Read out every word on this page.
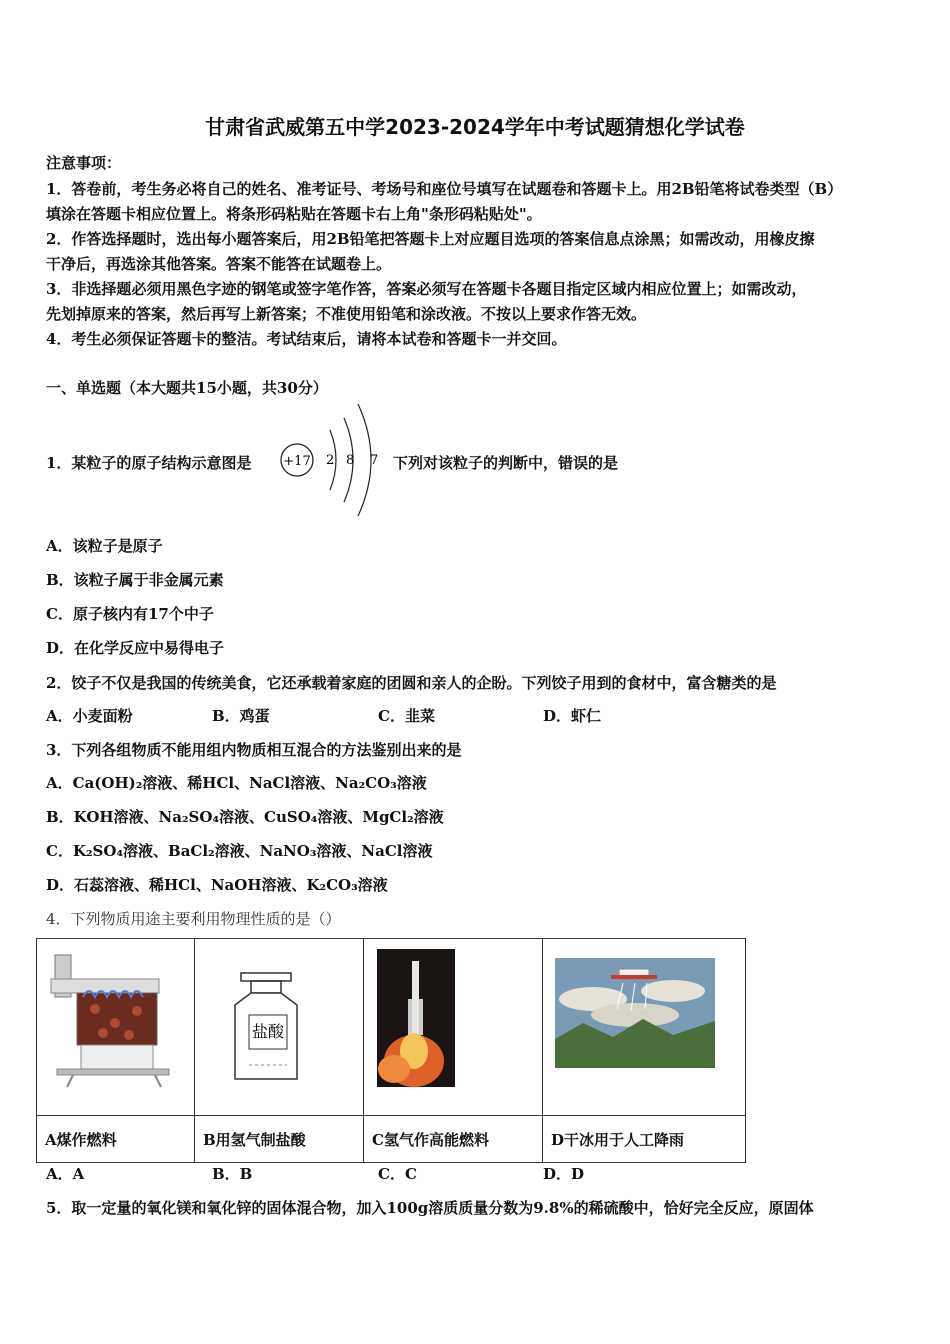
甘肃省武威第五中学2023-2024学年中考试题猜想化学试卷
注意事项：
1．答卷前，考生务必将自己的姓名、准考证号、考场号和座位号填写在试题卷和答题卡上。用2B铅笔将试卷类型（B）
填涂在答题卡相应位置上。将条形码粘贴在答题卡右上角"条形码粘贴处"。
2．作答选择题时，选出每小题答案后，用2B铅笔把答题卡上对应题目选项的答案信息点涂黑；如需改动，用橡皮擦
干净后，再选涂其他答案。答案不能答在试题卷上。
3．非选择题必须用黑色字迹的钢笔或签字笔作答，答案必须写在答题卡各题目指定区域内相应位置上；如需改动，
先划掉原来的答案，然后再写上新答案；不准使用铅笔和涂改液。不按以上要求作答无效。
4．考生必须保证答题卡的整洁。考试结束后，请将本试卷和答题卡一并交回。
一、单选题（本大题共15小题，共30分）
1．某粒子的原子结构示意图是 +17 2 8 7 下列对该粒子的判断中，错误的是
A．该粒子是原子
B．该粒子属于非金属元素
C．原子核内有17个中子
D．在化学反应中易得电子
2．饺子不仅是我国的传统美食，它还承载着家庭的团圆和亲人的企盼。下列饺子用到的食材中，富含糖类的是
A．小麦面粉	B．鸡蛋	C．韭菜	D．虾仁
3．下列各组物质不能用组内物质相互混合的方法鉴别出来的是
A．Ca(OH)₂溶液、稀HCl、NaCl溶液、Na₂CO₃溶液
B．KOH溶液、Na₂SO₄溶液、CuSO₄溶液、MgCl₂溶液
C．K₂SO₄溶液、BaCl₂溶液、NaNO₃溶液、NaCl溶液
D．石蕊溶液、稀HCl、NaOH溶液、K₂CO₃溶液
4．下列物质用途主要利用物理性质的是（）

盐酸

A煤作燃料	B用氢气制盐酸	C氢气作高能燃料	D干冰用于人工降雨
A．A	B．B	C．C	D．D
5．取一定量的氧化镁和氧化锌的固体混合物，加入100g溶质质量分数为9.8%的稀硫酸中，恰好完全反应，原固体
